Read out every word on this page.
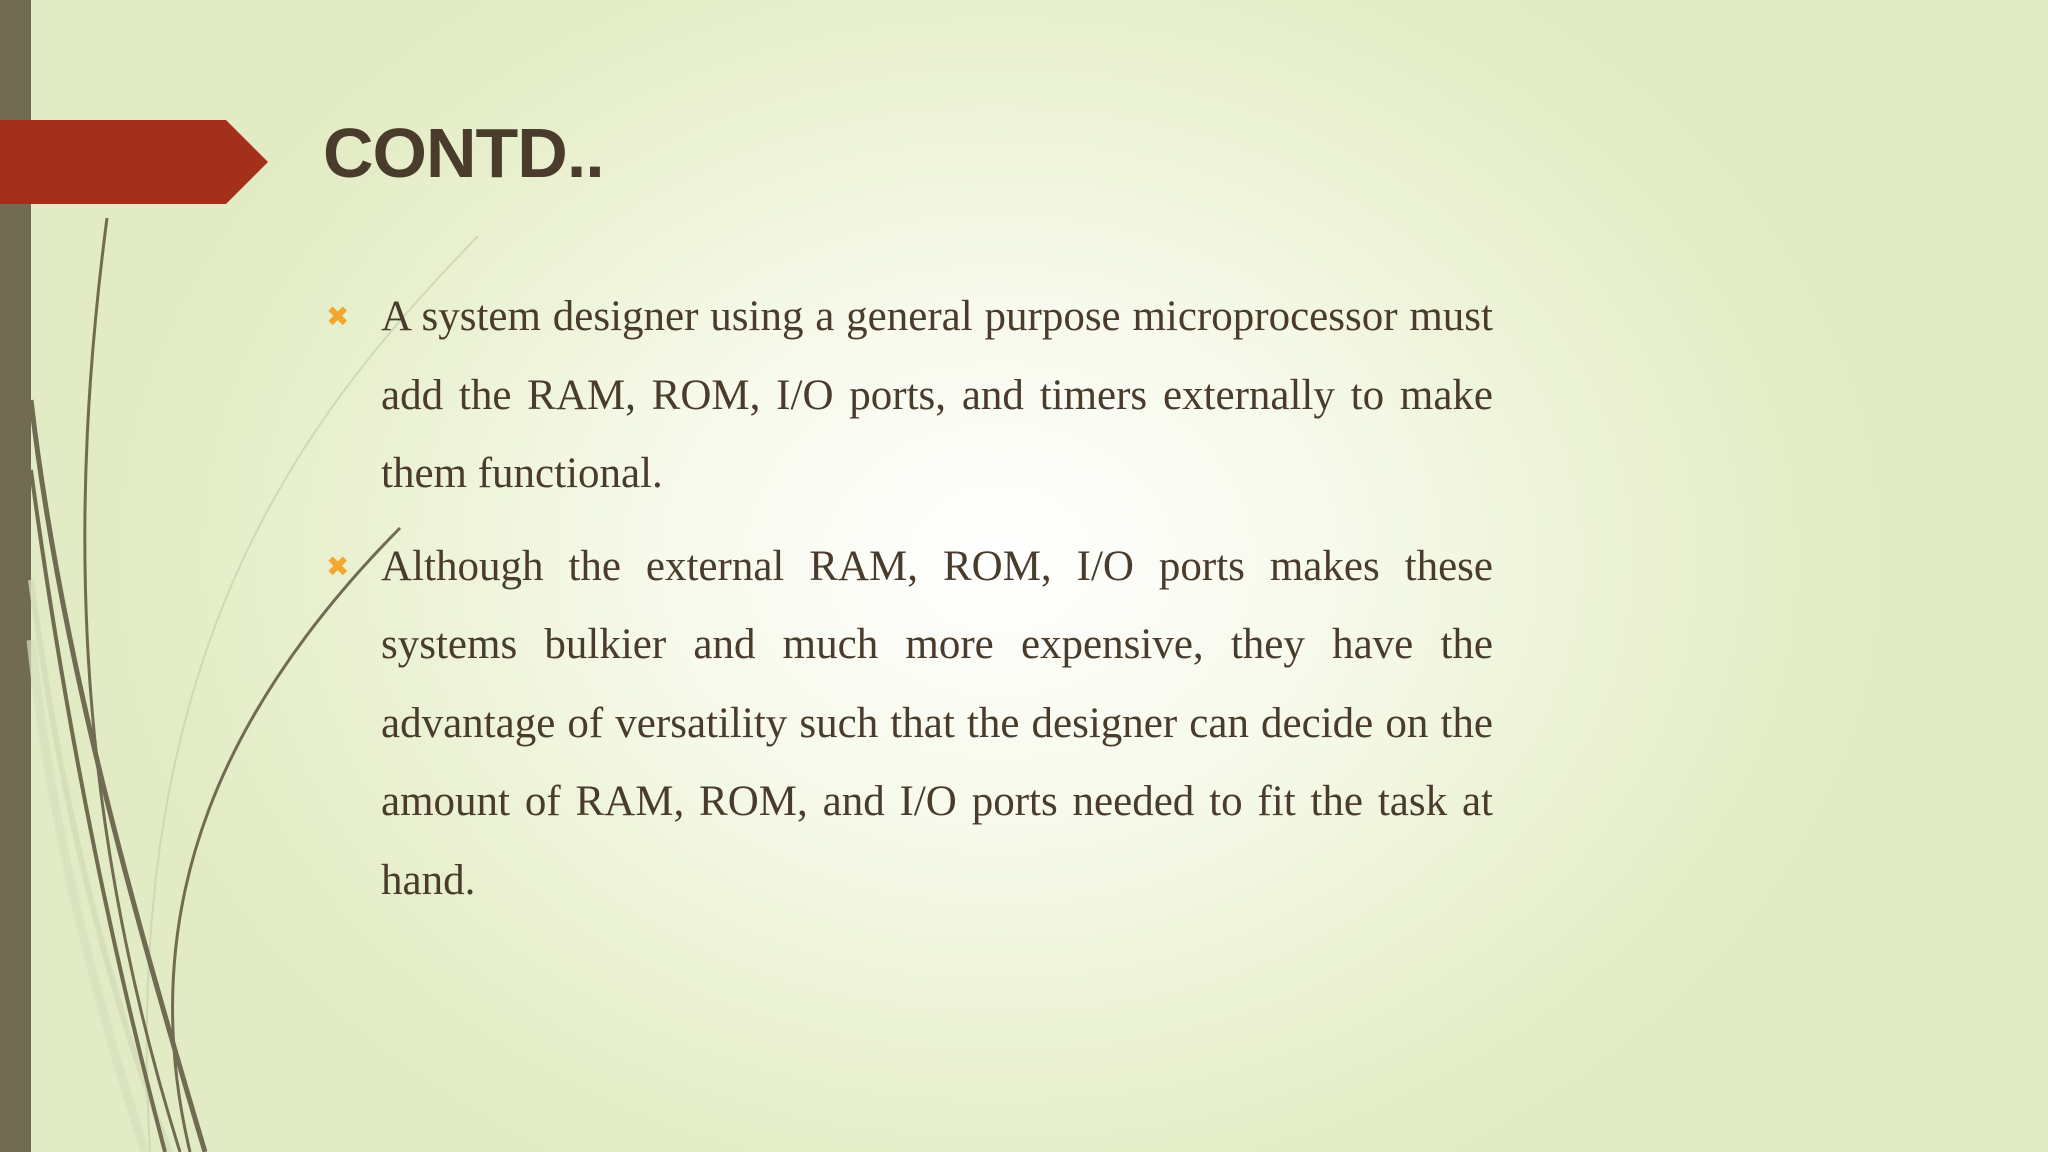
CONTD..
✖ A system designer using a general purpose microprocessor must add the RAM, ROM, I/O ports, and timers externally to make them functional.
✖ Although the external RAM, ROM, I/O ports makes these systems bulkier and much more expensive, they have the advantage of versatility such that the designer can decide on the amount of RAM, ROM, and I/O ports needed to fit the task at hand.
